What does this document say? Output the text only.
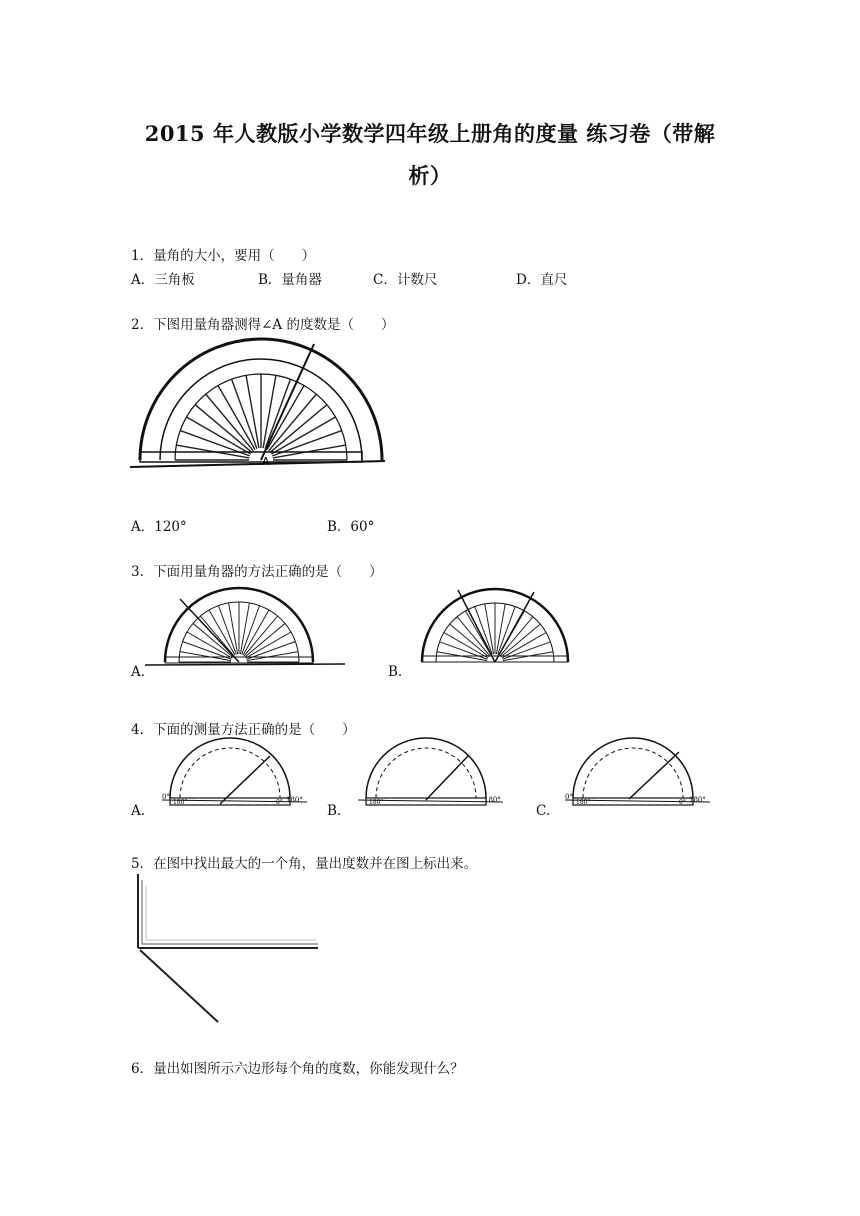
2015 年人教版小学数学四年级上册角的度量 练习卷（带解
析）
1．量角的大小，要用（　　）
A．三角板	B．量角器	C．计数尺	D．直尺
2．下图用量角器测得∠A 的度数是（　　）
A
A．120°	B．60°
3．下面用量角器的方法正确的是（　　）
A.	B.
4．下面的测量方法正确的是（　　）
A.
0°	180°
180°	0°
B.
180°	180°
C.
0°	180°
180°	0°
5．在图中找出最大的一个角，量出度数并在图上标出来。
6．量出如图所示六边形每个角的度数，你能发现什么？
